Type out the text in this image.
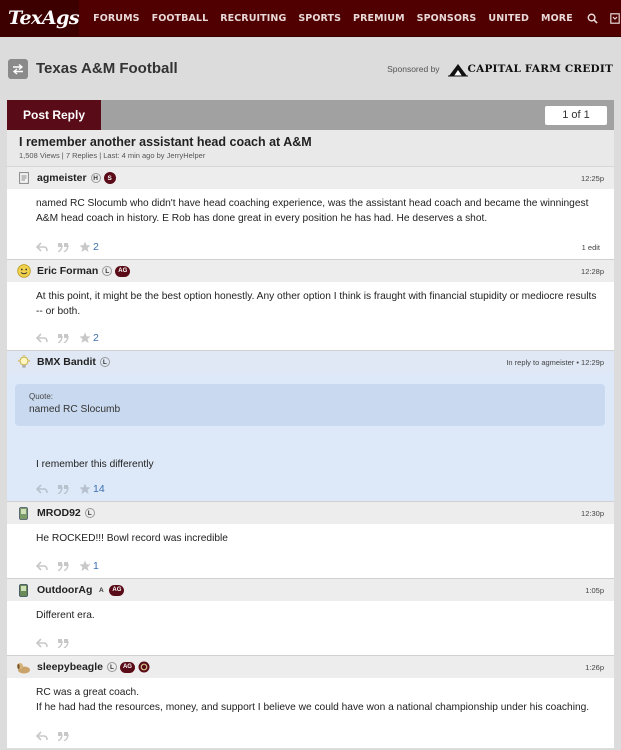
TexAgs FORUMS FOOTBALL RECRUITING SPORTS PREMIUM SPONSORS UNITED MORE
Texas A&M Football	Sponsored by	CAPITAL FARM CREDIT
Post Reply	1 of 1
I remember another assistant head coach at A&M
1,508 Views | 7 Replies | Last: 4 min ago by JerryHelper
agmeister	H	S	12:25p
named RC Slocumb who didn't have head coaching experience, was the assistant head coach and became the winningest A&M head coach in history. E Rob has done great in every position he has had. He deserves a shot.
2	1 edit
Eric Forman	L	AG	12:28p
At this point, it might be the best option honestly. Any other option I think is fraught with financial stupidity or mediocre results -- or both.
2
BMX Bandit	L	In reply to agmeister • 12:29p
Quote:
named RC Slocumb
I remember this differently
14
MROD92	L	12:30p
He ROCKED!!! Bowl record was incredible
1
OutdoorAg	A	AG	1:05p
Different era.
sleepybeagle	L	AG	1:26p
RC was a great coach.
If he had had the resources, money, and support I believe we could have won a national championship under his coaching.
